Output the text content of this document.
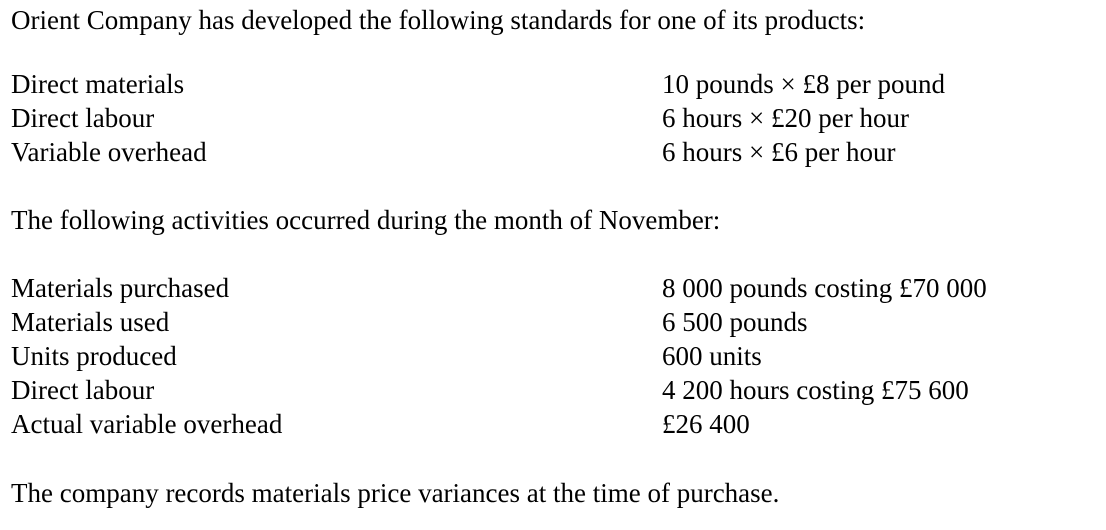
Orient Company has developed the following standards for one of its products:
Direct materials	10 pounds × £8 per pound
Direct labour	6 hours × £20 per hour
Variable overhead	6 hours × £6 per hour
The following activities occurred during the month of November:
Materials purchased	8 000 pounds costing £70 000
Materials used	6 500 pounds
Units produced	600 units
Direct labour	4 200 hours costing £75 600
Actual variable overhead	£26 400
The company records materials price variances at the time of purchase.
